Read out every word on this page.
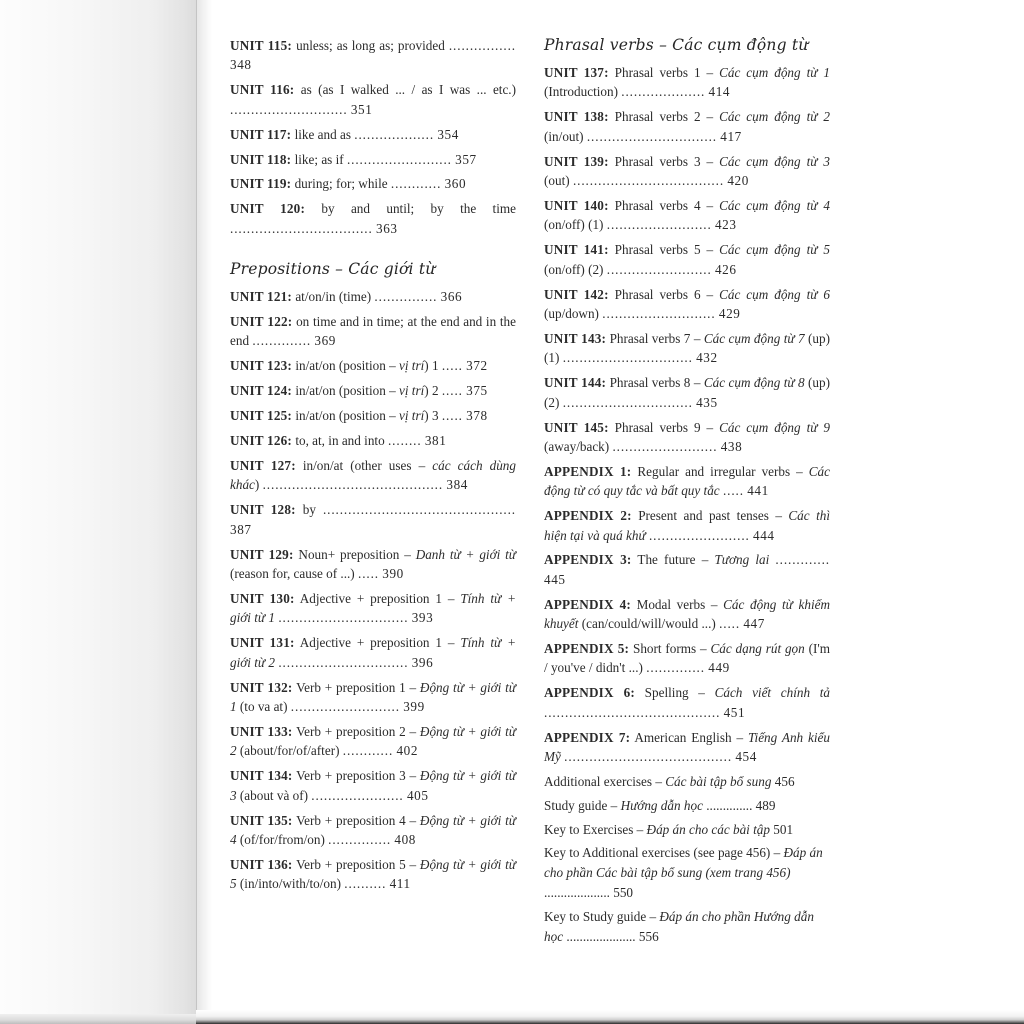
UNIT 115: unless; as long as; provided ................ 348
UNIT 116: as (as I walked ... / as I was ... etc.) ............................ 351
UNIT 117: like and as ................... 354
UNIT 118: like; as if ......................... 357
UNIT 119: during; for; while ............ 360
UNIT 120: by and until; by the time .................................. 363
Prepositions – Các giới từ
UNIT 121: at/on/in (time) ............... 366
UNIT 122: on time and in time; at the end and in the end .............. 369
UNIT 123: in/at/on (position – vị trí) 1 ..... 372
UNIT 124: in/at/on (position – vị trí) 2 ..... 375
UNIT 125: in/at/on (position – vị trí) 3 ..... 378
UNIT 126: to, at, in and into ........ 381
UNIT 127: in/on/at (other uses – các cách dùng khác) ........................................... 384
UNIT 128: by .............................................. 387
UNIT 129: Noun+ preposition – Danh từ + giới từ (reason for, cause of ...) ..... 390
UNIT 130: Adjective + preposition 1 – Tính từ + giới từ 1 ............................... 393
UNIT 131: Adjective + preposition 1 – Tính từ + giới từ 2 ............................... 396
UNIT 132: Verb + preposition 1 – Động từ + giới từ 1 (to va at) .......................... 399
UNIT 133: Verb + preposition 2 – Động từ + giới từ 2 (about/for/of/after) ............ 402
UNIT 134: Verb + preposition 3 – Động từ + giới từ 3 (about và of) ...................... 405
UNIT 135: Verb + preposition 4 – Động từ + giới từ 4 (of/for/from/on) ............... 408
UNIT 136: Verb + preposition 5 – Động từ + giới từ 5 (in/into/with/to/on) .......... 411
Phrasal verbs – Các cụm động từ
UNIT 137: Phrasal verbs 1 – Các cụm động từ 1 (Introduction) .................... 414
UNIT 138: Phrasal verbs 2 – Các cụm động từ 2 (in/out) ............................... 417
UNIT 139: Phrasal verbs 3 – Các cụm động từ 3 (out) .................................... 420
UNIT 140: Phrasal verbs 4 – Các cụm động từ 4 (on/off) (1) ......................... 423
UNIT 141: Phrasal verbs 5 – Các cụm động từ 5 (on/off) (2) ......................... 426
UNIT 142: Phrasal verbs 6 – Các cụm động từ 6 (up/down) ........................... 429
UNIT 143: Phrasal verbs 7 – Các cụm động từ 7 (up) (1) ............................... 432
UNIT 144: Phrasal verbs 8 – Các cụm động từ 8 (up) (2) ............................... 435
UNIT 145: Phrasal verbs 9 – Các cụm động từ 9 (away/back) ......................... 438
APPENDIX 1: Regular and irregular verbs – Các động từ có quy tắc và bất quy tắc ..... 441
APPENDIX 2: Present and past tenses – Các thì hiện tại và quá khứ ........................ 444
APPENDIX 3: The future – Tương lai ............. 445
APPENDIX 4: Modal verbs – Các động từ khiếm khuyết (can/could/will/would ...) ..... 447
APPENDIX 5: Short forms – Các dạng rút gọn (I'm / you've / didn't ...) .............. 449
APPENDIX 6: Spelling – Cách viết chính tả .......................................... 451
APPENDIX 7: American English – Tiếng Anh kiểu Mỹ ........................................ 454
Additional exercises – Các bài tập bổ sung 456
Study guide – Hướng dẫn học .............. 489
Key to Exercises – Đáp án cho các bài tập 501
Key to Additional exercises (see page 456) – Đáp án cho phần Các bài tập bổ sung (xem trang 456) .................... 550
Key to Study guide – Đáp án cho phần Hướng dẫn học ..................... 556
